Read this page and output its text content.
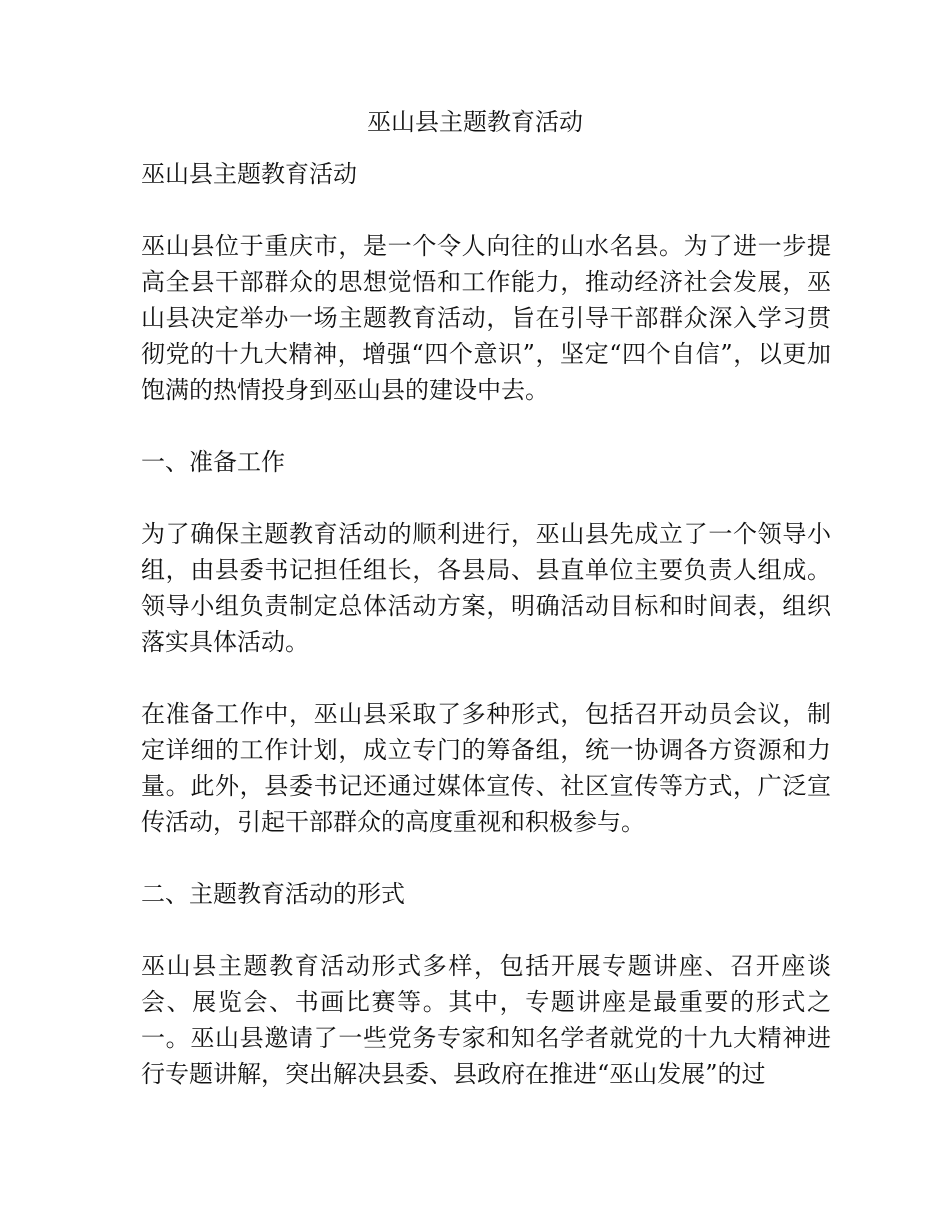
巫山县主题教育活动

巫山县主题教育活动

巫山县位于重庆市，是一个令人向往的山水名县。为了进一步提高全县干部群众的思想觉悟和工作能力，推动经济社会发展，巫山县决定举办一场主题教育活动，旨在引导干部群众深入学习贯彻党的十九大精神，增强“四个意识”，坚定“四个自信”，以更加饱满的热情投身到巫山县的建设中去。

一、准备工作

为了确保主题教育活动的顺利进行，巫山县先成立了一个领导小组，由县委书记担任组长，各县局、县直单位主要负责人组成。领导小组负责制定总体活动方案，明确活动目标和时间表，组织落实具体活动。

在准备工作中，巫山县采取了多种形式，包括召开动员会议，制定详细的工作计划，成立专门的筹备组，统一协调各方资源和力量。此外，县委书记还通过媒体宣传、社区宣传等方式，广泛宣传活动，引起干部群众的高度重视和积极参与。

二、主题教育活动的形式

巫山县主题教育活动形式多样，包括开展专题讲座、召开座谈会、展览会、书画比赛等。其中，专题讲座是最重要的形式之一。巫山县邀请了一些党务专家和知名学者就党的十九大精神进行专题讲解，突出解决县委、县政府在推进“巫山发展”的过
